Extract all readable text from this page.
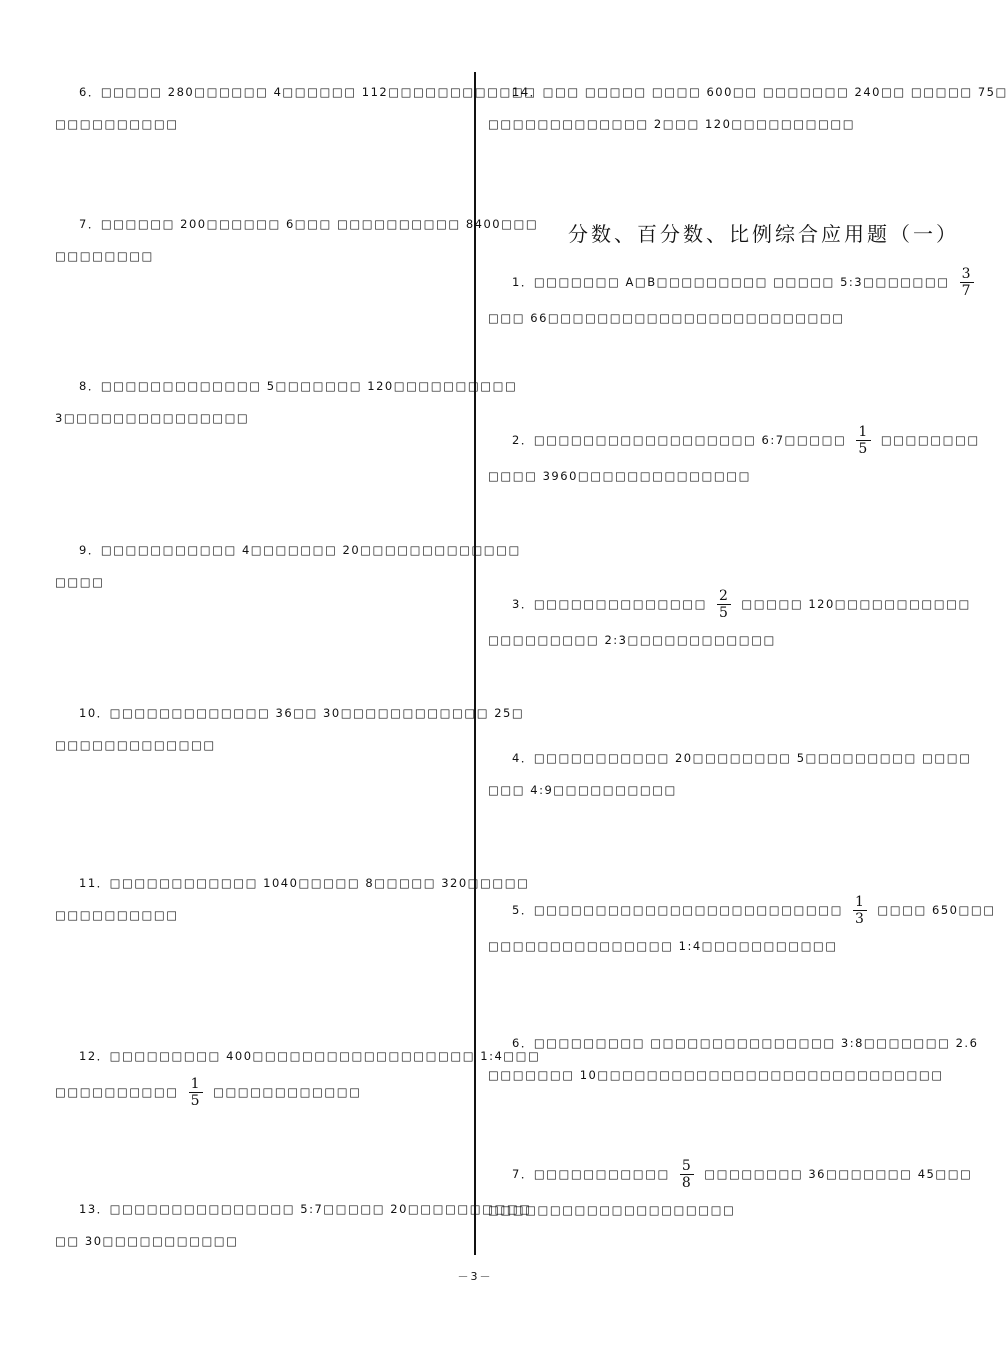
6．□□□□□ 280□□□□□□ 4□□□□□□ 112□□□□□□□□□□□□
□□□□□□□□□□
7．□□□□□□ 200□□□□□□ 6□□□ □□□□□□□□□□ 8400□□□
□□□□□□□□
8．□□□□□□□□□□□□□ 5□□□□□□□ 120□□□□□□□□□□
3□□□□□□□□□□□□□□□
9．□□□□□□□□□□□ 4□□□□□□□ 20□□□□□□□□□□□□□
□□□□
10．□□□□□□□□□□□□□ 36□□ 30□□□□□□□□□□□□ 25□
□□□□□□□□□□□□□
11．□□□□□□□□□□□□ 1040□□□□□ 8□□□□□ 320□□□□□
□□□□□□□□□□
12．□□□□□□□□□ 400□□□□□□□□□□□□□□□□□□ 1:4□□□
□□□□□□□□□□ $\frac{1}{5}$ □□□□□□□□□□□□
13．□□□□□□□□□□□□□□□ 5:7□□□□□ 20□□□□□□□□□□
□□ 30□□□□□□□□□□□
14．□□□ □□□□□ □□□□ 600□□ □□□□□□□ 240□□ □□□□□ 75□
□□□□□□□□□□□□□ 2□□□ 120□□□□□□□□□□
分数、百分数、比例综合应用题（一）
1．□□□□□□□ A□B□□□□□□□□□ □□□□□ 5:3□□□□□□□ $\frac{3}{7}$
□□□ 66□□□□□□□□□□□□□□□□□□□□□□□□
2．□□□□□□□□□□□□□□□□□□ 6:7□□□□□ $\frac{1}{5}$ □□□□□□□□
□□□□ 3960□□□□□□□□□□□□□□
3．□□□□□□□□□□□□□□ $\frac{2}{5}$ □□□□□ 120□□□□□□□□□□□
□□□□□□□□□ 2:3□□□□□□□□□□□□
4．□□□□□□□□□□□ 20□□□□□□□□ 5□□□□□□□□□ □□□□
□□□ 4:9□□□□□□□□□□
5．□□□□□□□□□□□□□□□□□□□□□□□□□ $\frac{1}{3}$ □□□□ 650□□□
□□□□□□□□□□□□□□□ 1:4□□□□□□□□□□□
6．□□□□□□□□□ □□□□□□□□□□□□□□□ 3:8□□□□□□□ 2.6
□□□□□□□ 10□□□□□□□□□□□□□□□□□□□□□□□□□□□□
7．□□□□□□□□□□□ $\frac{5}{8}$ □□□□□□□□ 36□□□□□□□ 45□□□
□□□□□□□□□□□□□□□□□□□□
－3－
